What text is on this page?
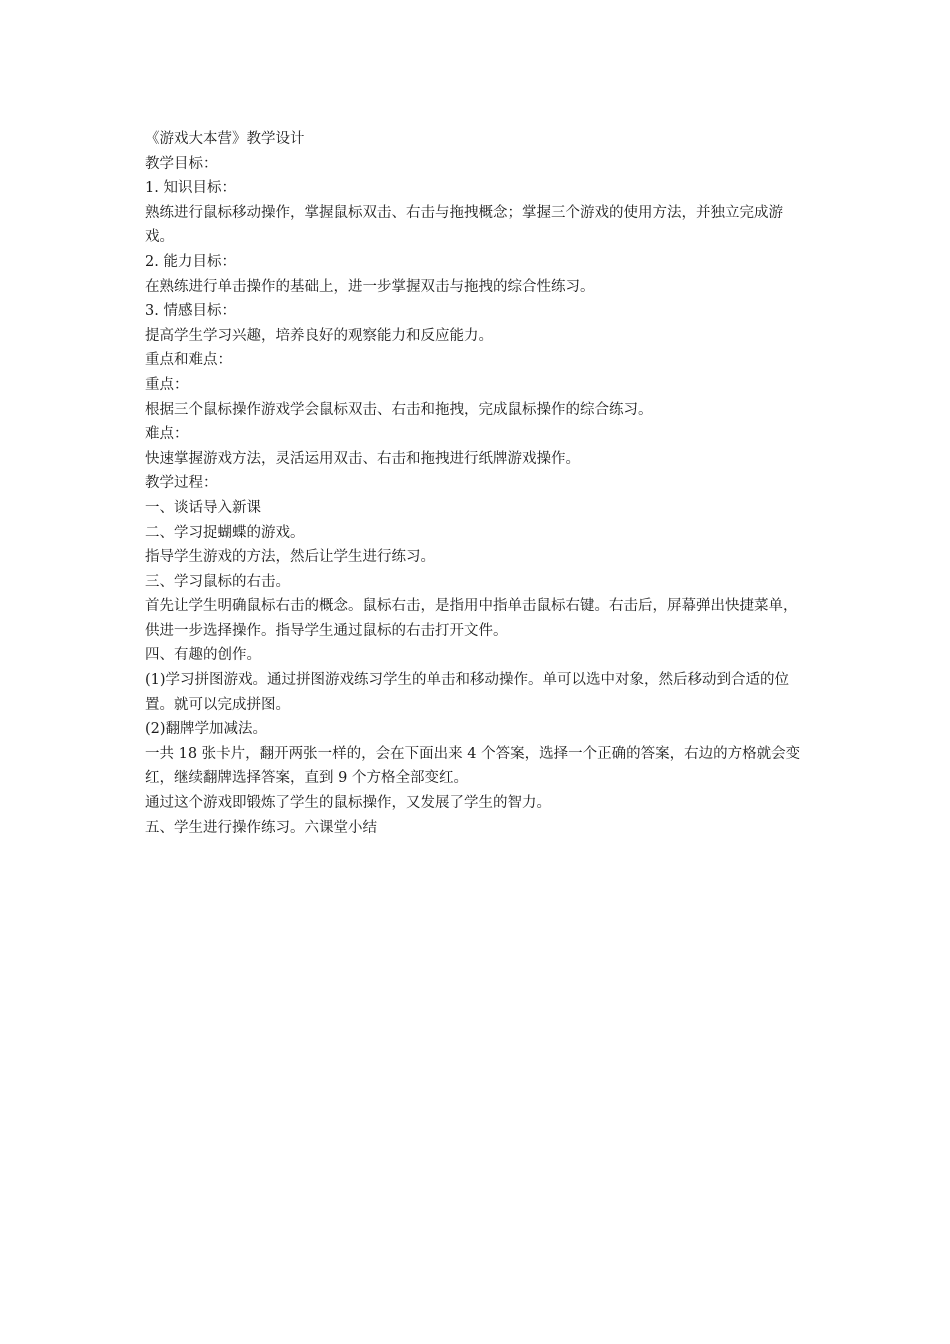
《游戏大本营》教学设计

教学目标：

1. 知识目标：

熟练进行鼠标移动操作，掌握鼠标双击、右击与拖拽概念；掌握三个游戏的使用方法，并独立完成游戏。

2. 能力目标：

在熟练进行单击操作的基础上，进一步掌握双击与拖拽的综合性练习。

3. 情感目标：

提高学生学习兴趣，培养良好的观察能力和反应能力。

重点和难点：

重点：

根据三个鼠标操作游戏学会鼠标双击、右击和拖拽，完成鼠标操作的综合练习。

难点：

快速掌握游戏方法，灵活运用双击、右击和拖拽进行纸牌游戏操作。

教学过程：

一、谈话导入新课

二、学习捉蝴蝶的游戏。

指导学生游戏的方法，然后让学生进行练习。

三、学习鼠标的右击。

首先让学生明确鼠标右击的概念。鼠标右击，是指用中指单击鼠标右键。右击后，屏幕弹出快捷菜单，供进一步选择操作。指导学生通过鼠标的右击打开文件。

四、有趣的创作。

(1)学习拼图游戏。通过拼图游戏练习学生的单击和移动操作。单可以选中对象，然后移动到合适的位置。就可以完成拼图。

(2)翻牌学加减法。

一共 18 张卡片，翻开两张一样的，会在下面出来 4 个答案，选择一个正确的答案，右边的方格就会变红，继续翻牌选择答案，直到 9 个方格全部变红。

通过这个游戏即锻炼了学生的鼠标操作，又发展了学生的智力。

五、学生进行操作练习。六课堂小结
